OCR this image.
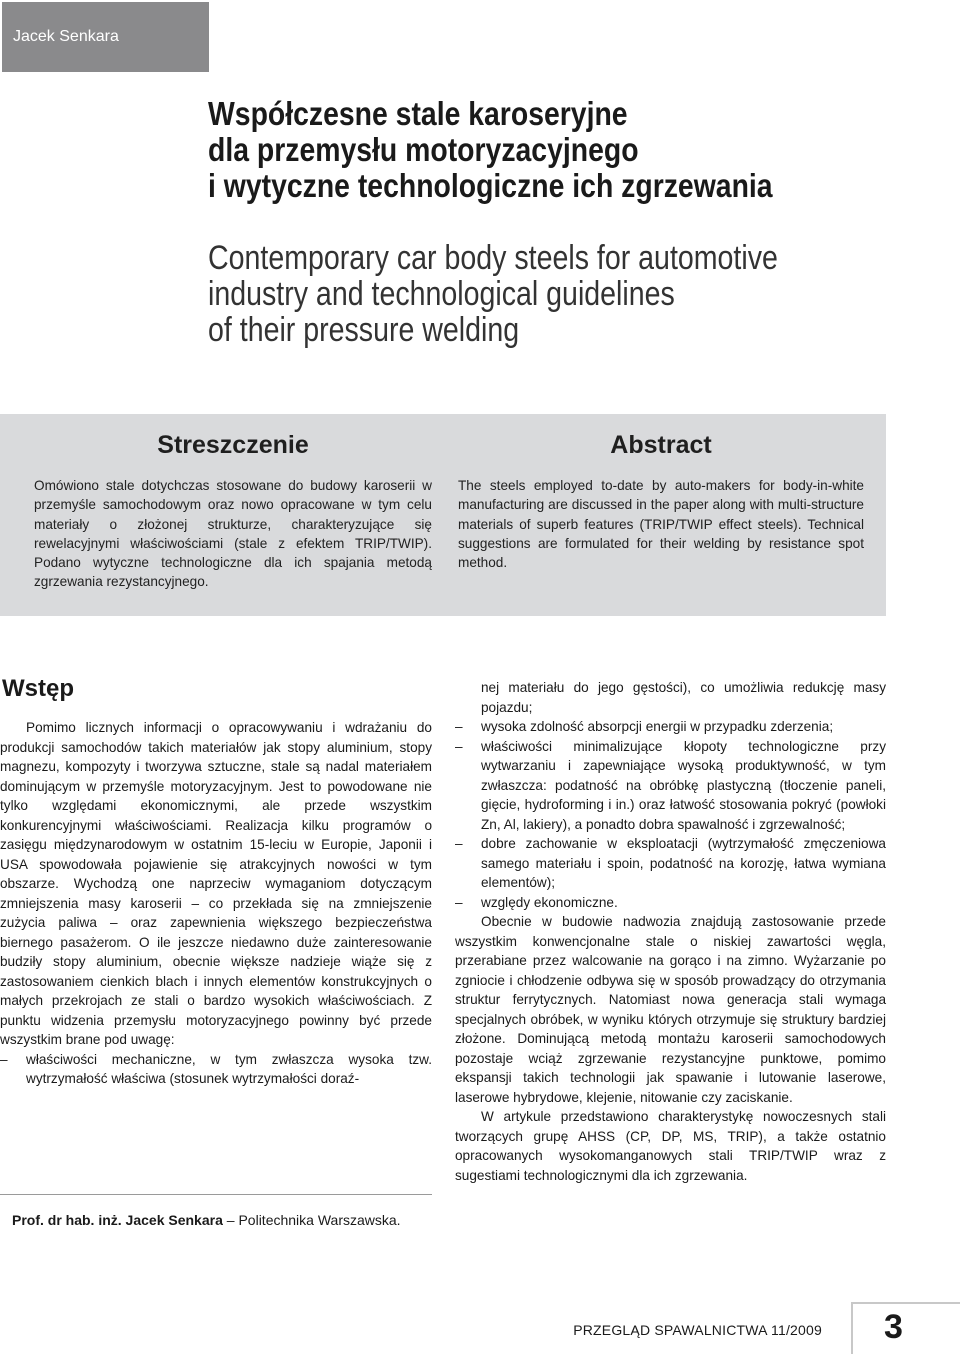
Jacek Senkara
Współczesne stale karoseryjne
dla przemysłu motoryzacyjnego
i wytyczne technologiczne ich zgrzewania
Contemporary car body steels for automotive
industry and technological guidelines
of their pressure welding
Streszczenie

Omówiono stale dotychczas stosowane do budowy karoserii w przemyśle samochodowym oraz nowo opracowane w tym celu materiały o złożonej strukturze, charakteryzujące się rewelacyjnymi właściwościami (stale z efektem TRIP/TWIP). Podano wytyczne technologiczne dla ich spajania metodą zgrzewania rezystancyjnego.

Abstract

The steels employed to-date by auto-makers for body-in-white manufacturing are discussed in the paper along with multi-structure materials of superb features (TRIP/TWIP effect steels). Technical suggestions are formulated for their welding by resistance spot method.

Wstęp

Pomimo licznych informacji o opracowywaniu i wdrażaniu do produkcji samochodów takich materiałów jak stopy aluminium, stopy magnezu, kompozyty i tworzywa sztuczne, stale są nadal materiałem dominującym w przemyśle motoryzacyjnym. Jest to powodowane nie tylko względami ekonomicznymi, ale przede wszystkim konkurencyjnymi właściwościami. Realizacja kilku programów o zasięgu międzynarodowym w ostatnim 15-leciu w Europie, Japonii i USA spowodowała pojawienie się atrakcyjnych nowości w tym obszarze. Wychodzą one naprzeciw wymaganiom dotyczącym zmniejszenia masy karoserii – co przekłada się na zmniejszenie zużycia paliwa – oraz zapewnienia większego bezpieczeństwa biernego pasażerom. O ile jeszcze niedawno duże zainteresowanie budziły stopy aluminium, obecnie większe nadzieje wiąże się z zastosowaniem cienkich blach i innych elementów konstrukcyjnych o małych przekrojach ze stali o bardzo wysokich właściwościach. Z punktu widzenia przemysłu motoryzacyjnego powinny być przede wszystkim brane pod uwagę:

– właściwości mechaniczne, w tym zwłaszcza wysoka tzw. wytrzymałość właściwa (stosunek wytrzymałości doraź-

Prof. dr hab. inż. Jacek Senkara – Politechnika Warszawska.

nej materiału do jego gęstości), co umożliwia redukcję masy pojazdu;

– wysoka zdolność absorpcji energii w przypadku zderzenia;
– właściwości minimalizujące kłopoty technologiczne przy wytwarzaniu i zapewniające wysoką produktywność, w tym zwłaszcza: podatność na obróbkę plastyczną (tłoczenie paneli, gięcie, hydroforming i in.) oraz łatwość stosowania pokryć (powłoki Zn, Al, lakiery), a ponadto dobra spawalność i zgrzewalność;
– dobre zachowanie w eksploatacji (wytrzymałość zmęczeniowa samego materiału i spoin, podatność na korozję, łatwa wymiana elementów);
– względy ekonomiczne.

Obecnie w budowie nadwozia znajdują zastosowanie przede wszystkim konwencjonalne stale o niskiej zawartości węgla, przerabiane przez walcowanie na gorąco i na zimno. Wyżarzanie po zgniocie i chłodzenie odbywa się w sposób prowadzący do otrzymania struktur ferrytycznych. Natomiast nowa generacja stali wymaga specjalnych obróbek, w wyniku których otrzymuje się struktury bardziej złożone. Dominującą metodą montażu karoserii samochodowych pozostaje wciąż zgrzewanie rezystancyjne punktowe, pomimo ekspansji takich technologii jak spawanie i lutowanie laserowe, laserowe hybrydowe, klejenie, nitowanie czy zaciskanie.

W artykule przedstawiono charakterystykę nowoczesnych stali tworzących grupę AHSS (CP, DP, MS, TRIP), a także ostatnio opracowanych wysokomanganowych stali TRIP/TWIP wraz z sugestiami technologicznymi dla ich zgrzewania.

PRZEGLĄD SPAWALNICTWA 11/2009 3
